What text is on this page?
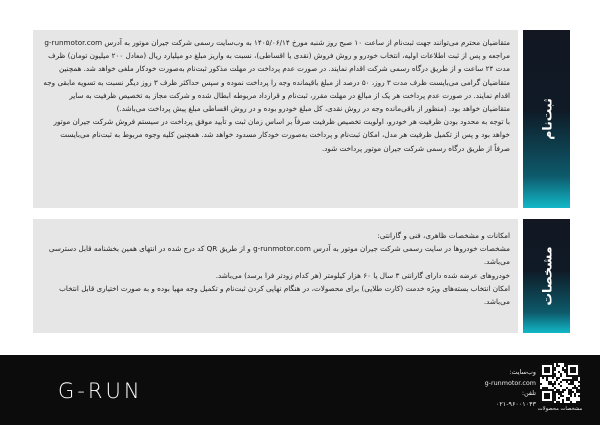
متقاضیان محترم می‌توانند جهت ثبت‌نام از ساعت ۱۰ صبح روز شنبه مورخ ۱۴۰۵/۰۶/۱۴ به وب‌سایت رسمی شرکت جیران موتور به آدرس g-runmotor.com مراجعه و پس از ثبت اطلاعات اولیه، انتخاب خودرو و روش فروش (نقدی یا اقساطی)، نسبت به واریز مبلغ دو میلیارد ریال (معادل ۲۰۰ میلیون تومان) ظرف مدت ۲۴ ساعت و از طریق درگاه رسمی شرکت اقدام نمایند. در صورت عدم پرداخت در مهلت مذکور ثبت‌نام به‌صورت خودکار ملغی خواهد شد. همچنین متقاضیان گرامی می‌بایست ظرف مدت ۳ روز، ۵۰ درصد از مبلغ باقیمانده وجه را پرداخت نموده و سپس حداکثر ظرف ۳ روز دیگر نسبت به تسویه مابقی وجه اقدام نمایند. در صورت عدم پرداخت هر یک از مبالغ در مهلت مقرر، ثبت‌نام و قرارداد مربوطه ابطال شده و شرکت مجاز به تخصیص ظرفیت به سایر متقاضیان خواهد بود. (منظور از باقی‌مانده وجه در روش نقدی، کل مبلغ خودرو بوده و در روش اقساطی مبلغ پیش پرداخت می‌باشد.)

با توجه به محدود بودن ظرفیت هر خودرو، اولویت تخصیص ظرفیت صرفاً بر اساس زمان ثبت و تأیید موفق پرداخت در سیستم فروش شرکت جیران موتور خواهد بود و پس از تکمیل ظرفیت هر مدل، امکان ثبت‌نام و پرداخت به‌صورت خودکار مسدود خواهد شد. همچنین کلیه وجوه مربوط به ثبت‌نام می‌بایست صرفاً از طریق درگاه رسمی شرکت جیران موتور پرداخت شود.

ثبت‌نام

امکانات و مشخصات ظاهری، فنی و گارانتی:

مشخصات خودروها در سایت رسمی شرکت جیران موتور به آدرس g-runmotor.com و از طریق QR کد درج شده در انتهای همین بخشنامه قابل دسترسی می‌باشد.

خودروهای عرضه شده دارای گارانتی ۳ سال یا ۶۰ هزار کیلومتر (هر کدام زودتر فرا برسد) می‌باشد.

امکان انتخاب بسته‌های ویژه خدمت (کارت طلایی) برای محصولات، در هنگام نهایی کردن ثبت‌نام و تکمیل وجه مهیا بوده و به صورت اختیاری قابل انتخاب می‌باشد. مشخصات
G-RUN
وب‌سایت:
g-runmotor.com
تلفن:
۰۲۱-۹۶۰۰۱۰۴۳
مشخصات محصولات
